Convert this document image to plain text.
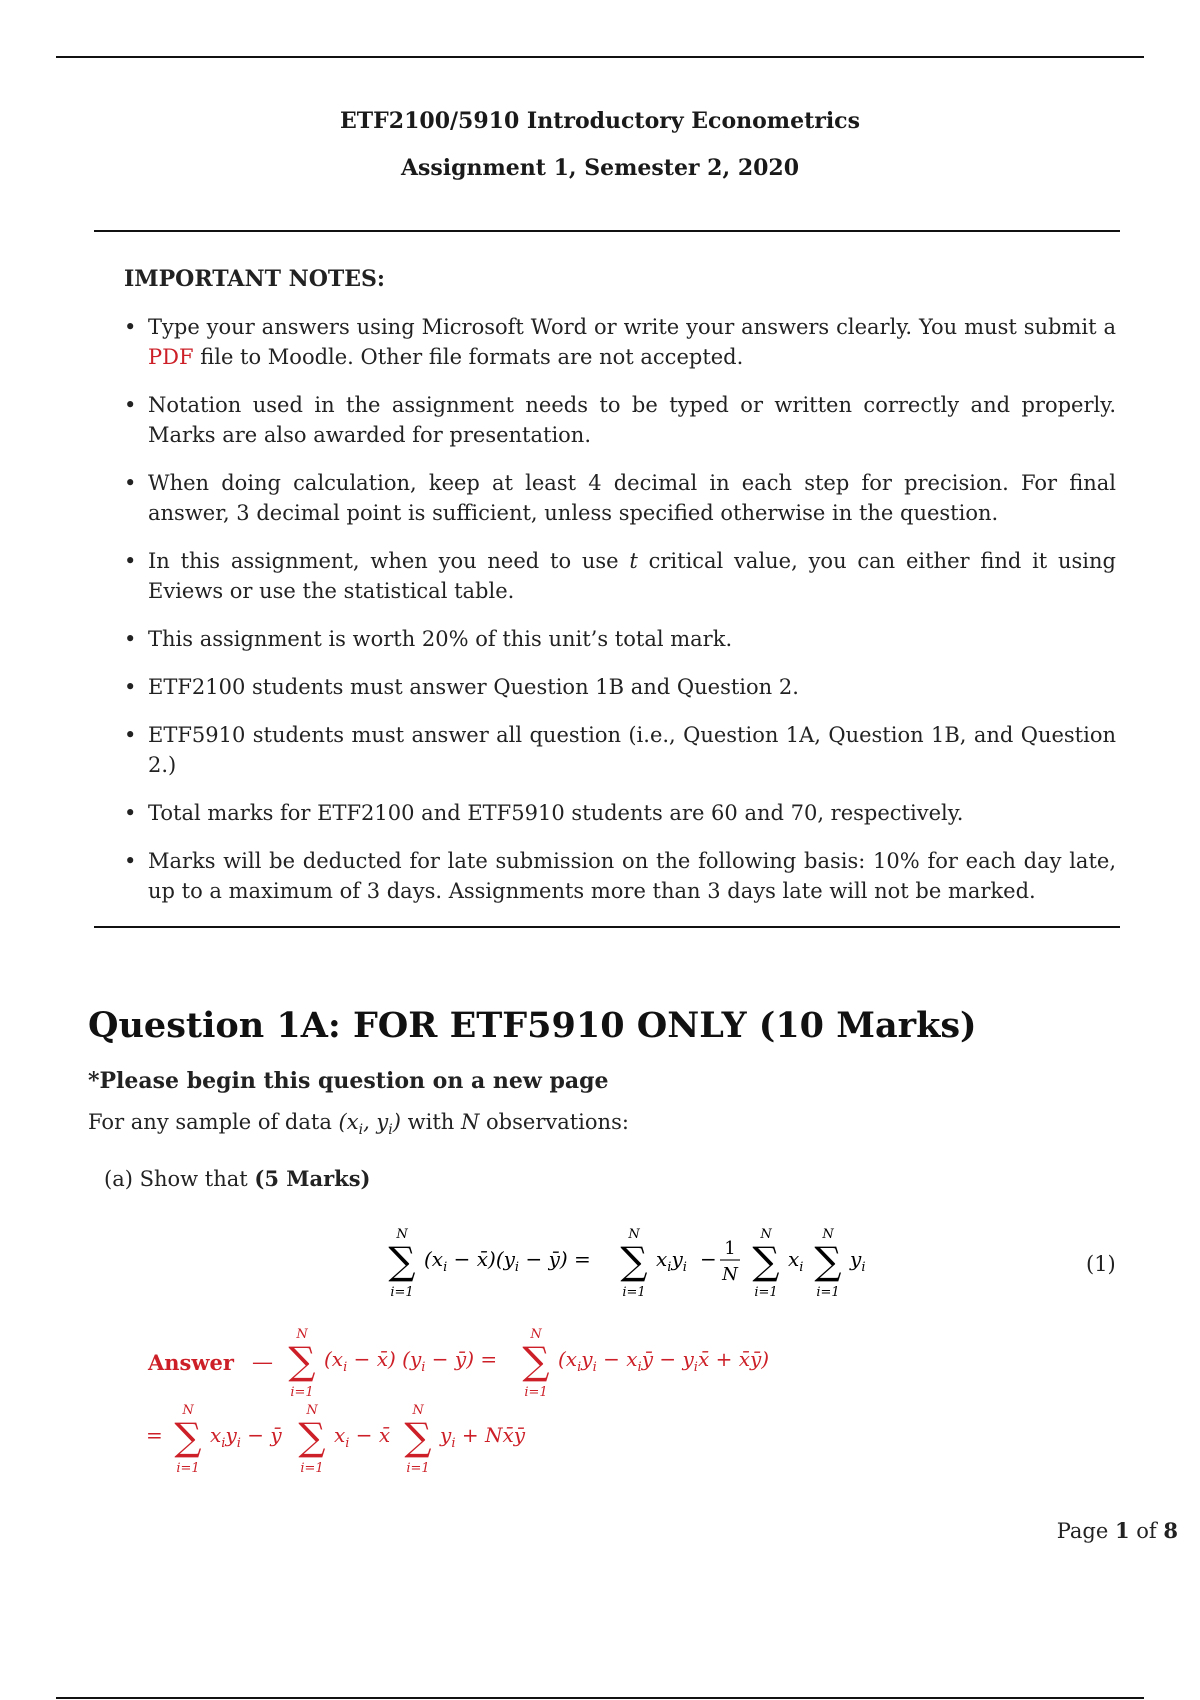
ETF2100/5910 Introductory Econometrics
Assignment 1, Semester 2, 2020
IMPORTANT NOTES:
• Type your answers using Microsoft Word or write your answers clearly. You must submit a PDF file to Moodle. Other file formats are not accepted.
• Notation used in the assignment needs to be typed or written correctly and properly. Marks are also awarded for presentation.
• When doing calculation, keep at least 4 decimal in each step for precision. For final answer, 3 decimal point is sufficient, unless specified otherwise in the question.
• In this assignment, when you need to use t critical value, you can either find it using Eviews or use the statistical table.
• This assignment is worth 20% of this unit’s total mark.
• ETF2100 students must answer Question 1B and Question 2.
• ETF5910 students must answer all question (i.e., Question 1A, Question 1B, and Question 2.)
• Total marks for ETF2100 and ETF5910 students are 60 and 70, respectively.
• Marks will be deducted for late submission on the following basis: 10% for each day late, up to a maximum of 3 days. Assignments more than 3 days late will not be marked.
Question 1A: FOR ETF5910 ONLY (10 Marks)
*Please begin this question on a new page
For any sample of data ($x_i$, $y_i$) with N observations:
(a) Show that (5 Marks)
N
∑
i=1
($x_i$ − $x̄)(y_i$ − ȳ) =
N
∑
i=1
$x_iy_i - 1$
N
N
∑
i=1
$x_i$
N
∑
i=1
$y_i$	(1)
Answer —
N
∑
i=1
($x_i$ − x̄) ($y_i$ − ȳ) =
N
∑
i=1
($x_iy_i$ − $x_iȳ$ − $y_ix̄$ + x̄ȳ)
=
N
∑
i=1
$x_iy_i$ − ȳ
N
∑
i=1
$x_i$ − x̄
N
∑
i=1
$y_i$ + Nx̄ȳ
Page 1 of 8
